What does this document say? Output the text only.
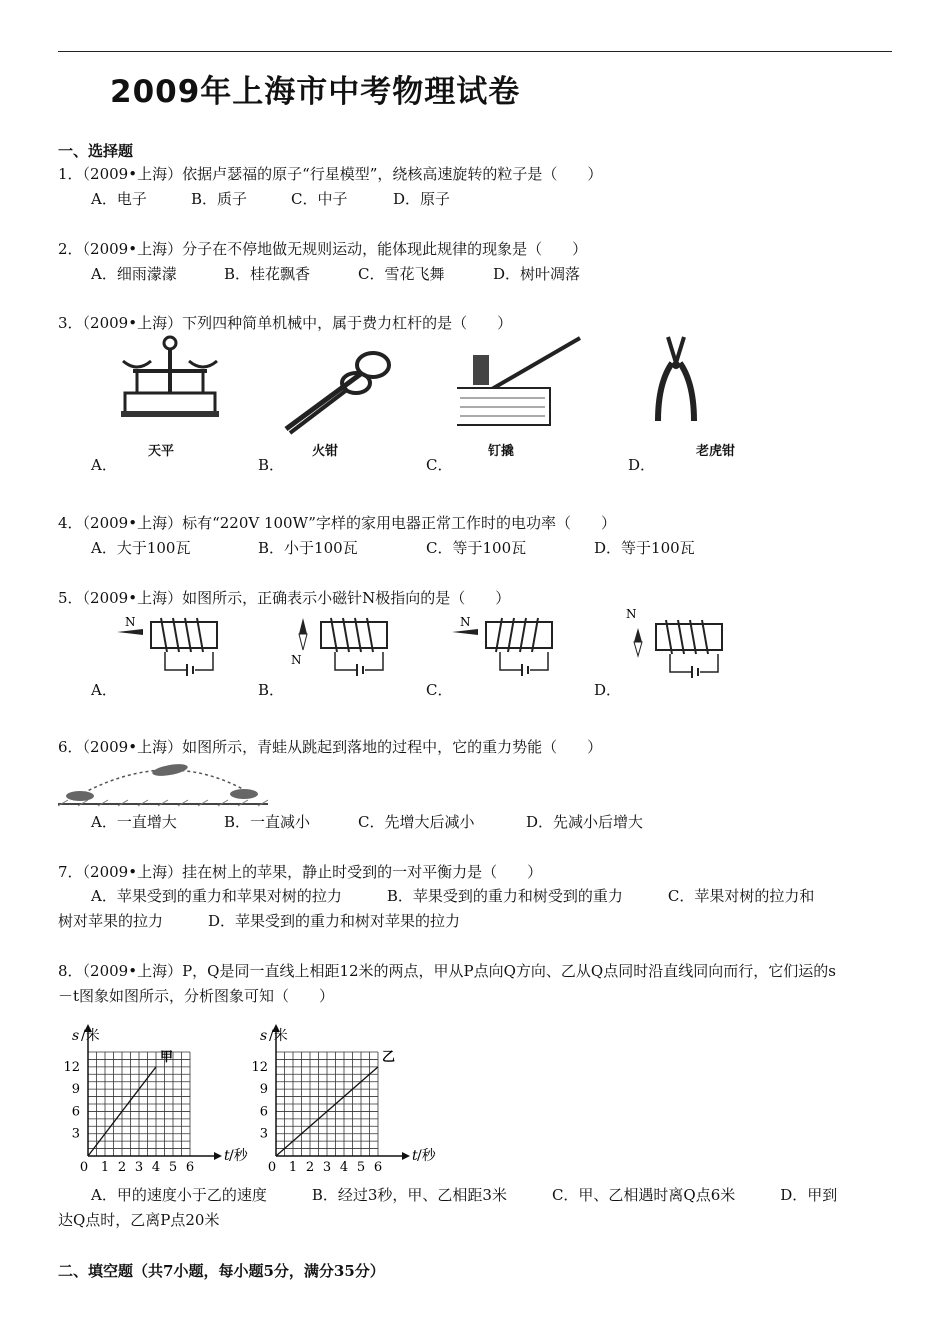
2009年上海市中考物理试卷
一、选择题
1．（2009•上海）依据卢瑟福的原子“行星模型”，绕核高速旋转的粒子是（　　）
A．电子	B．质子	C．中子	D．原子
2．（2009•上海）分子在不停地做无规则运动，能体现此规律的现象是（　　）
A．细雨濛濛	B．桂花飘香	C．雪花飞舞	D．树叶凋落
3．（2009•上海）下列四种简单机械中，属于费力杠杆的是（　　）
天平	火钳	钉撬	老虎钳
A．	B．	C．	D．
4．（2009•上海）标有“220V 100W”字样的家用电器正常工作时的电功率（　　）
A．大于100瓦	B．小于100瓦	C．等于100瓦	D．等于100瓦
5．（2009•上海）如图所示，正确表示小磁针N极指向的是（　　）
N
N
N
N
A．	B．	C．	D．
6．（2009•上海）如图所示，青蛙从跳起到落地的过程中，它的重力势能（　　）
A．一直增大	B．一直减小	C．先增大后减小	D．先减小后增大
7．（2009•上海）挂在树上的苹果，静止时受到的一对平衡力是（　　）
A．苹果受到的重力和苹果对树的拉力　　　B．苹果受到的重力和树受到的重力　　　C．苹果对树的拉力和
树对苹果的拉力　　　D．苹果受到的重力和树对苹果的拉力
8．（2009•上海）P，Q是同一直线上相距12米的两点，甲从P点向Q方向、乙从Q点同时沿直线同向而行，它们运的s
－t图象如图所示，分析图象可知（　　）
s /米
t /秒
0 1 2 3 4 5 6
3
6
9
12
甲
s /米
t /秒
0 1 2 3 4 5 6
3
6
9
12
乙
A．甲的速度小于乙的速度　　　B．经过3秒，甲、乙相距3米　　　C．甲、乙相遇时离Q点6米　　　D．甲到
达Q点时，乙离P点20米
二、填空题（共7小题，每小题5分，满分35分）
